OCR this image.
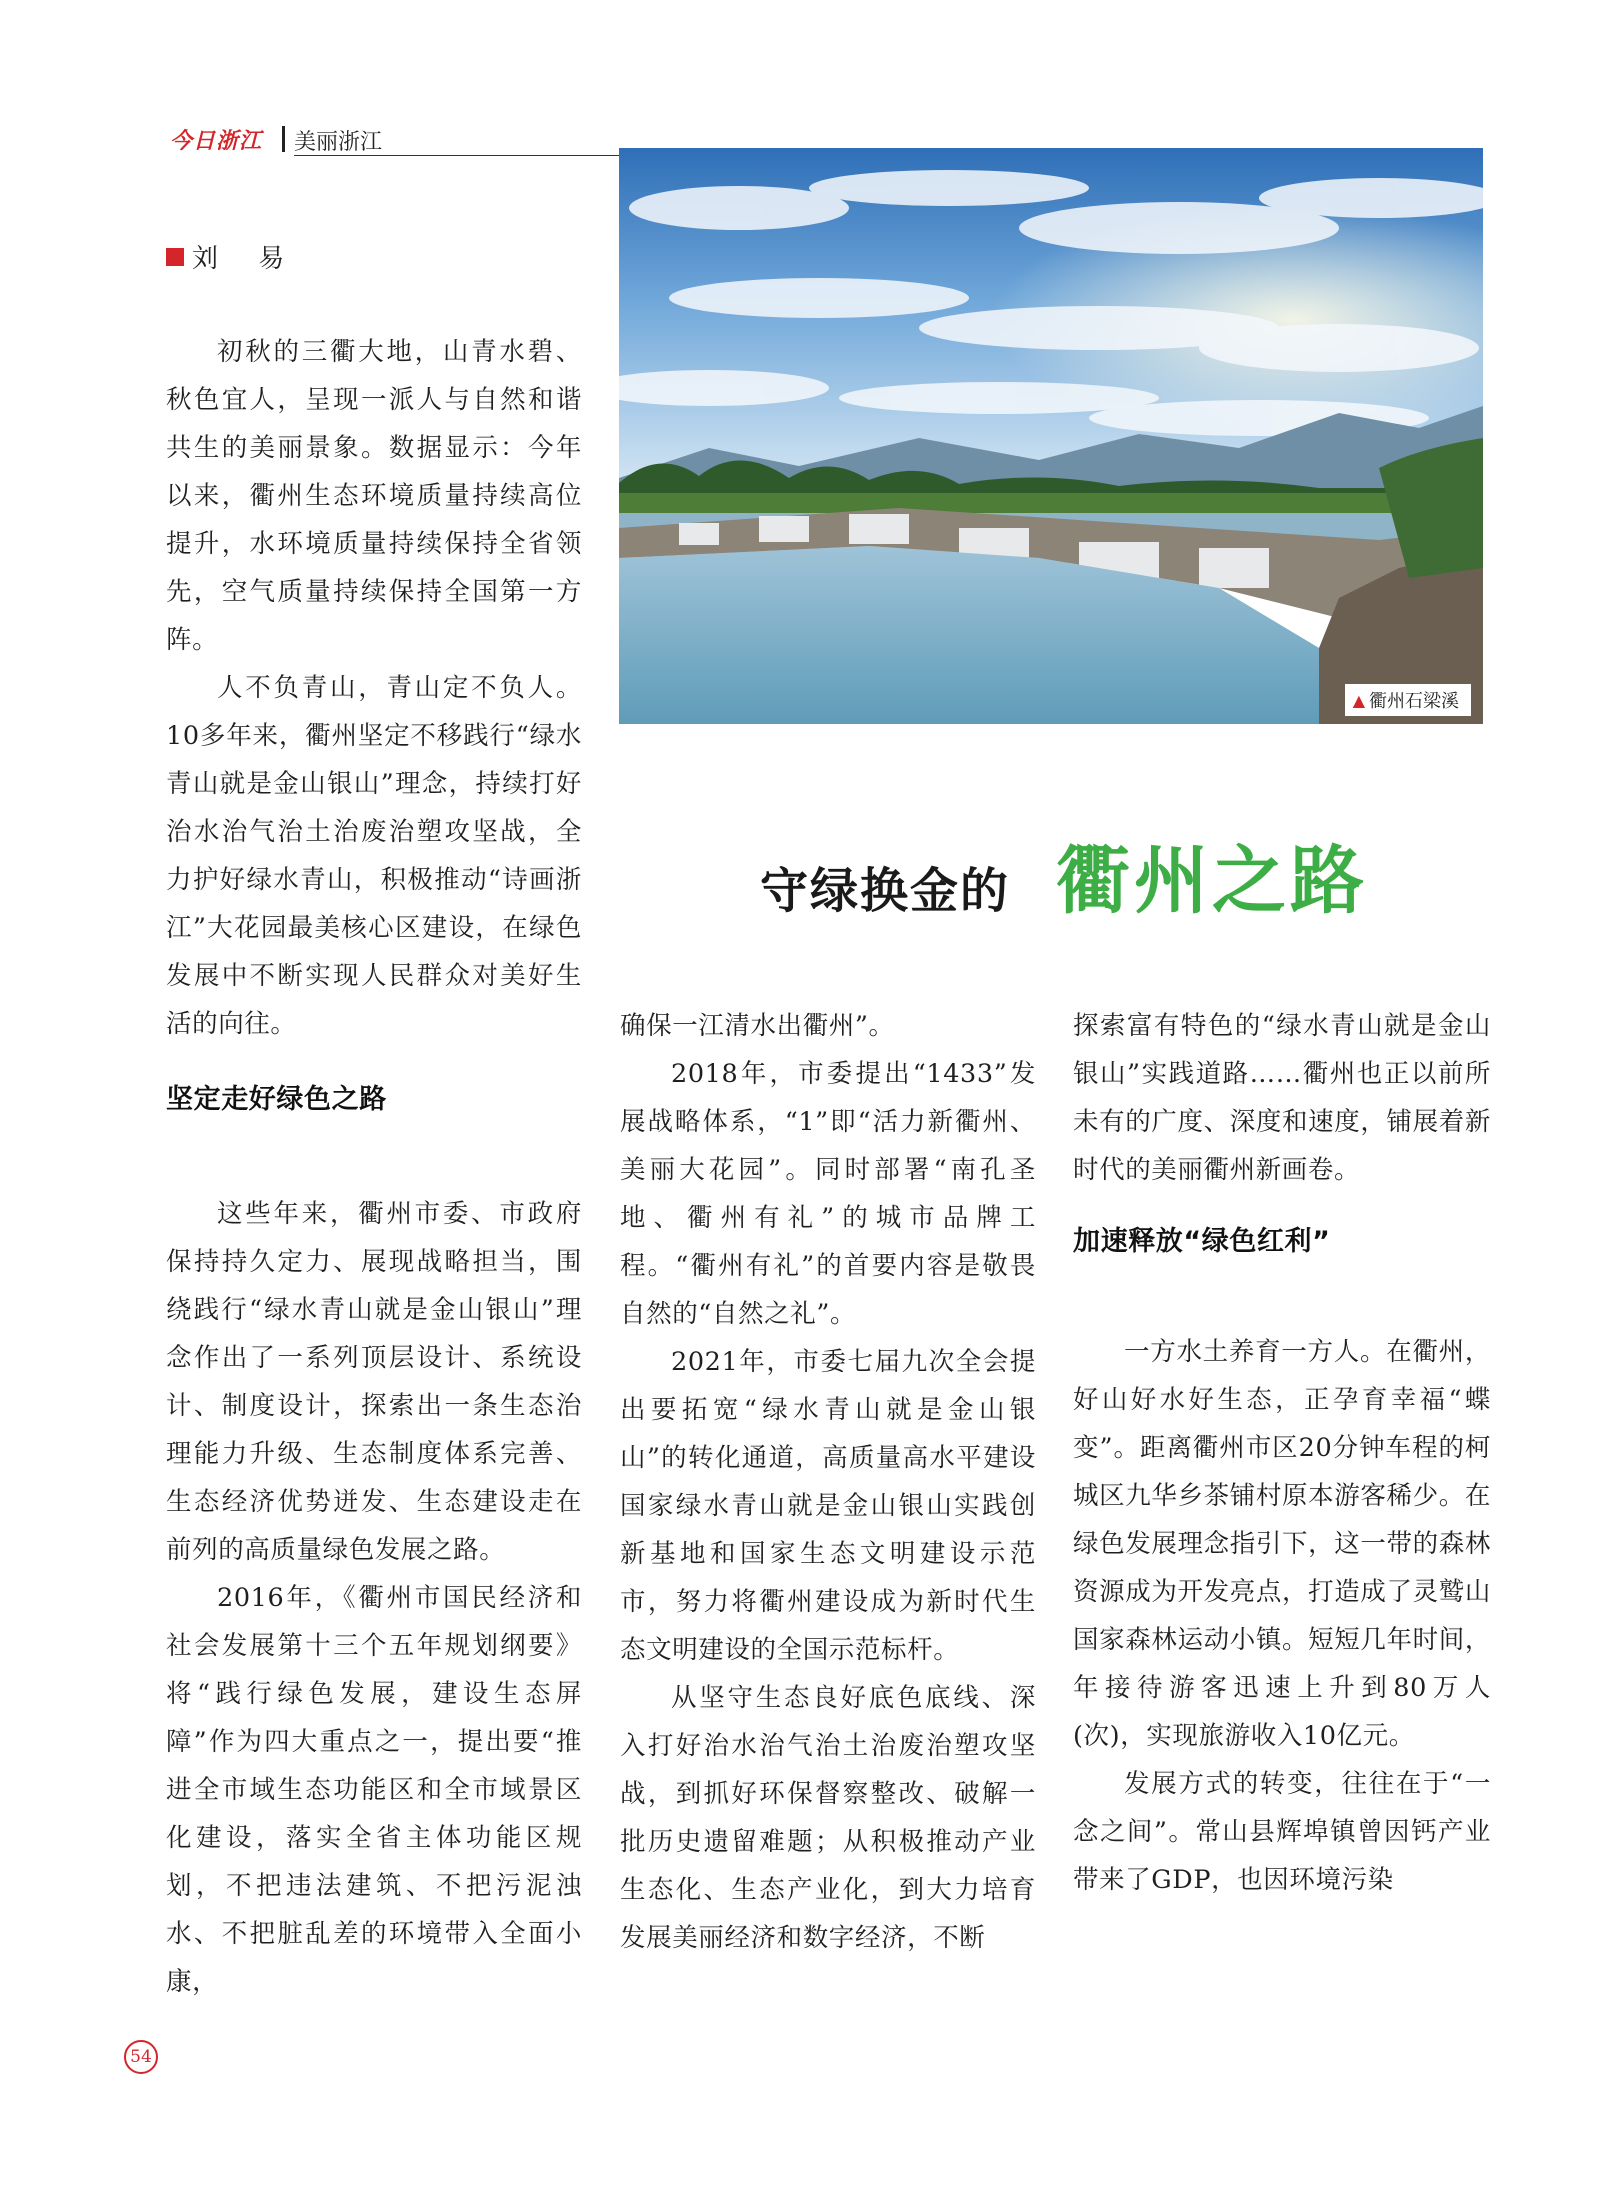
今日浙江 美丽浙江
刘 易
▲ 衢州石梁溪
守绿换金的 衢州之路

初秋的三衢大地，山青水碧、秋色宜人，呈现一派人与自然和谐共生的美丽景象。数据显示：今年以来，衢州生态环境质量持续高位提升，水环境质量持续保持全省领先，空气质量持续保持全国第一方阵。

人不负青山，青山定不负人。10多年来，衢州坚定不移践行“绿水青山就是金山银山”理念，持续打好治水治气治土治废治塑攻坚战，全力护好绿水青山，积极推动“诗画浙江”大花园最美核心区建设，在绿色发展中不断实现人民群众对美好生活的向往。

坚定走好绿色之路

这些年来，衢州市委、市政府保持持久定力、展现战略担当，围绕践行“绿水青山就是金山银山”理念作出了一系列顶层设计、系统设计、制度设计，探索出一条生态治理能力升级、生态制度体系完善、生态经济优势迸发、生态建设走在前列的高质量绿色发展之路。

2016年，《衢州市国民经济和社会发展第十三个五年规划纲要》将“践行绿色发展，建设生态屏障”作为四大重点之一，提出要“推进全市域生态功能区和全市域景区化建设，落实全省主体功能区规划，不把违法建筑、不把污泥浊水、不把脏乱差的环境带入全面小康，

确保一江清水出衢州”。

2018年，市委提出“1433”发展战略体系，“1”即“活力新衢州、美丽大花园”。同时部署“南孔圣地、衢州有礼”的城市品牌工程。“衢州有礼”的首要内容是敬畏自然的“自然之礼”。

2021年，市委七届九次全会提出要拓宽“绿水青山就是金山银山”的转化通道，高质量高水平建设国家绿水青山就是金山银山实践创新基地和国家生态文明建设示范市，努力将衢州建设成为新时代生态文明建设的全国示范标杆。

从坚守生态良好底色底线、深入打好治水治气治土治废治塑攻坚战，到抓好环保督察整改、破解一批历史遗留难题；从积极推动产业生态化、生态产业化，到大力培育发展美丽经济和数字经济，不断

探索富有特色的“绿水青山就是金山银山”实践道路……衢州也正以前所未有的广度、深度和速度，铺展着新时代的美丽衢州新画卷。

加速释放“绿色红利”

一方水土养育一方人。在衢州，好山好水好生态，正孕育幸福“蝶变”。距离衢州市区20分钟车程的柯城区九华乡茶铺村原本游客稀少。在绿色发展理念指引下，这一带的森林资源成为开发亮点，打造成了灵鹫山国家森林运动小镇。短短几年时间，年接待游客迅速上升到80万人(次)，实现旅游收入10亿元。

发展方式的转变，往往在于“一念之间”。常山县辉埠镇曾因钙产业带来了GDP，也因环境污染

54
